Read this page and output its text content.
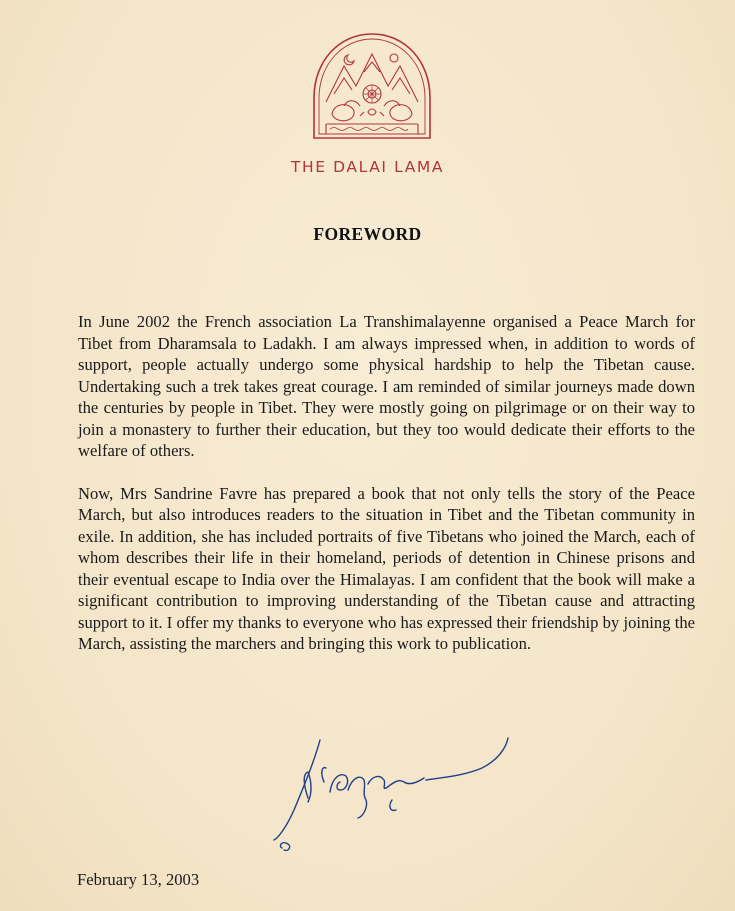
THE DALAI LAMA
FOREWORD

In June 2002 the French association La Transhimalayenne organised a Peace March for Tibet from Dharamsala to Ladakh. I am always impressed when, in addition to words of support, people actually undergo some physical hardship to help the Tibetan cause. Undertaking such a trek takes great courage. I am reminded of similar journeys made down the centuries by people in Tibet. They were mostly going on pilgrimage or on their way to join a monastery to further their education, but they too would dedicate their efforts to the welfare of others.

Now, Mrs Sandrine Favre has prepared a book that not only tells the story of the Peace March, but also introduces readers to the situation in Tibet and the Tibetan community in exile. In addition, she has included portraits of five Tibetans who joined the March, each of whom describes their life in their homeland, periods of detention in Chinese prisons and their eventual escape to India over the Himalayas. I am confident that the book will make a significant contribution to improving understanding of the Tibetan cause and attracting support to it. I offer my thanks to everyone who has expressed their friendship by joining the March, assisting the marchers and bringing this work to publication.

February 13, 2003
